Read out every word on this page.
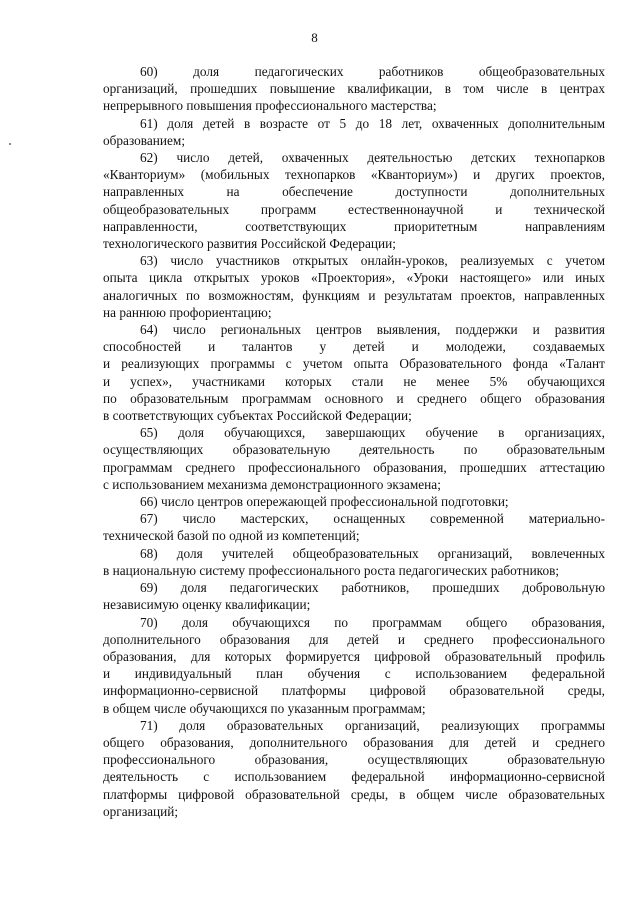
8

60) доля педагогических работников общеобразовательных
организаций, прошедших повышение квалификации, в том числе в центрах
непрерывного повышения профессионального мастерства;

61) доля детей в возрасте от 5 до 18 лет, охваченных дополнительным
образованием;

62) число детей, охваченных деятельностью детских технопарков
«Кванториум» (мобильных технопарков «Кванториум») и других проектов,
направленных на обеспечение доступности дополнительных
общеобразовательных программ естественнонаучной и технической
направленности, соответствующих приоритетным направлениям
технологического развития Российской Федерации;

63) число участников открытых онлайн-уроков, реализуемых с учетом
опыта цикла открытых уроков «Проектория», «Уроки настоящего» или иных
аналогичных по возможностям, функциям и результатам проектов, направленных
на раннюю профориентацию;

64) число региональных центров выявления, поддержки и развития
способностей и талантов у детей и молодежи, создаваемых
и реализующих программы с учетом опыта Образовательного фонда «Талант
и успех», участниками которых стали не менее 5% обучающихся
по образовательным программам основного и среднего общего образования
в соответствующих субъектах Российской Федерации;

65) доля обучающихся, завершающих обучение в организациях,
осуществляющих образовательную деятельность по образовательным
программам среднего профессионального образования, прошедших аттестацию
с использованием механизма демонстрационного экзамена;

66) число центров опережающей профессиональной подготовки;

67) число мастерских, оснащенных современной материально-
технической базой по одной из компетенций;

68) доля учителей общеобразовательных организаций, вовлеченных
в национальную систему профессионального роста педагогических работников;

69) доля педагогических работников, прошедших добровольную
независимую оценку квалификации;

70) доля обучающихся по программам общего образования,
дополнительного образования для детей и среднего профессионального
образования, для которых формируется цифровой образовательный профиль
и индивидуальный план обучения с использованием федеральной
информационно-сервисной платформы цифровой образовательной среды,
в общем числе обучающихся по указанным программам;

71) доля образовательных организаций, реализующих программы
общего образования, дополнительного образования для детей и среднего
профессионального образования, осуществляющих образовательную
деятельность с использованием федеральной информационно-сервисной
платформы цифровой образовательной среды, в общем числе образовательных
организаций;
